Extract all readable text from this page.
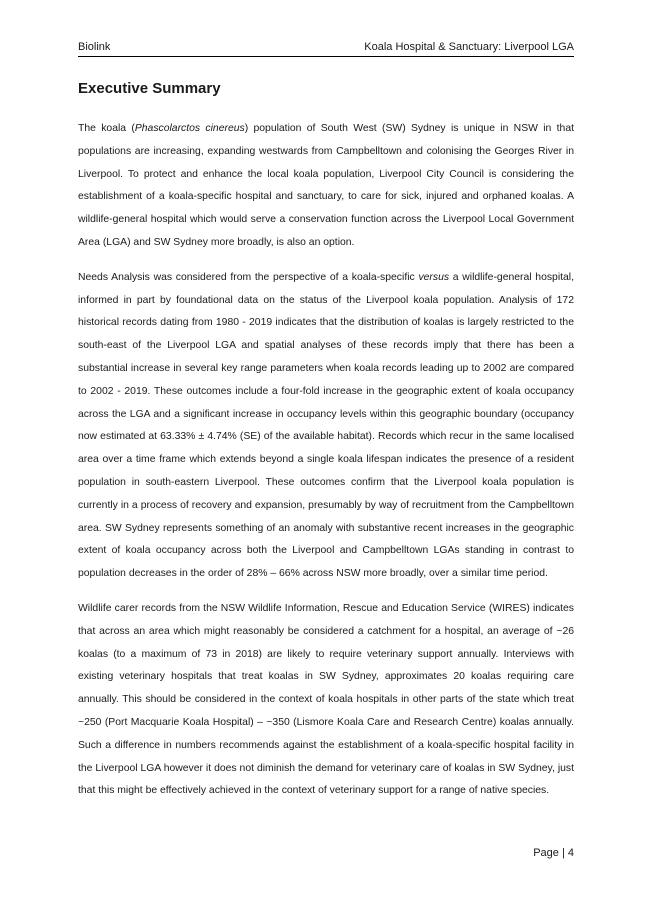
Biolink	Koala Hospital & Sanctuary: Liverpool LGA
Executive Summary

The koala (Phascolarctos cinereus) population of South West (SW) Sydney is unique in NSW in that populations are increasing, expanding westwards from Campbelltown and colonising the Georges River in Liverpool. To protect and enhance the local koala population, Liverpool City Council is considering the establishment of a koala-specific hospital and sanctuary, to care for sick, injured and orphaned koalas. A wildlife-general hospital which would serve a conservation function across the Liverpool Local Government Area (LGA) and SW Sydney more broadly, is also an option.

Needs Analysis was considered from the perspective of a koala-specific versus a wildlife-general hospital, informed in part by foundational data on the status of the Liverpool koala population. Analysis of 172 historical records dating from 1980 - 2019 indicates that the distribution of koalas is largely restricted to the south-east of the Liverpool LGA and spatial analyses of these records imply that there has been a substantial increase in several key range parameters when koala records leading up to 2002 are compared to 2002 - 2019. These outcomes include a four-fold increase in the geographic extent of koala occupancy across the LGA and a significant increase in occupancy levels within this geographic boundary (occupancy now estimated at 63.33% ± 4.74% (SE) of the available habitat). Records which recur in the same localised area over a time frame which extends beyond a single koala lifespan indicates the presence of a resident population in south-eastern Liverpool. These outcomes confirm that the Liverpool koala population is currently in a process of recovery and expansion, presumably by way of recruitment from the Campbelltown area. SW Sydney represents something of an anomaly with substantive recent increases in the geographic extent of koala occupancy across both the Liverpool and Campbelltown LGAs standing in contrast to population decreases in the order of 28% – 66% across NSW more broadly, over a similar time period.

Wildlife carer records from the NSW Wildlife Information, Rescue and Education Service (WIRES) indicates that across an area which might reasonably be considered a catchment for a hospital, an average of ~26 koalas (to a maximum of 73 in 2018) are likely to require veterinary support annually. Interviews with existing veterinary hospitals that treat koalas in SW Sydney, approximates 20 koalas requiring care annually. This should be considered in the context of koala hospitals in other parts of the state which treat ~250 (Port Macquarie Koala Hospital) – ~350 (Lismore Koala Care and Research Centre) koalas annually. Such a difference in numbers recommends against the establishment of a koala-specific hospital facility in the Liverpool LGA however it does not diminish the demand for veterinary care of koalas in SW Sydney, just that this might be effectively achieved in the context of veterinary support for a range of native species.

Page | 4
